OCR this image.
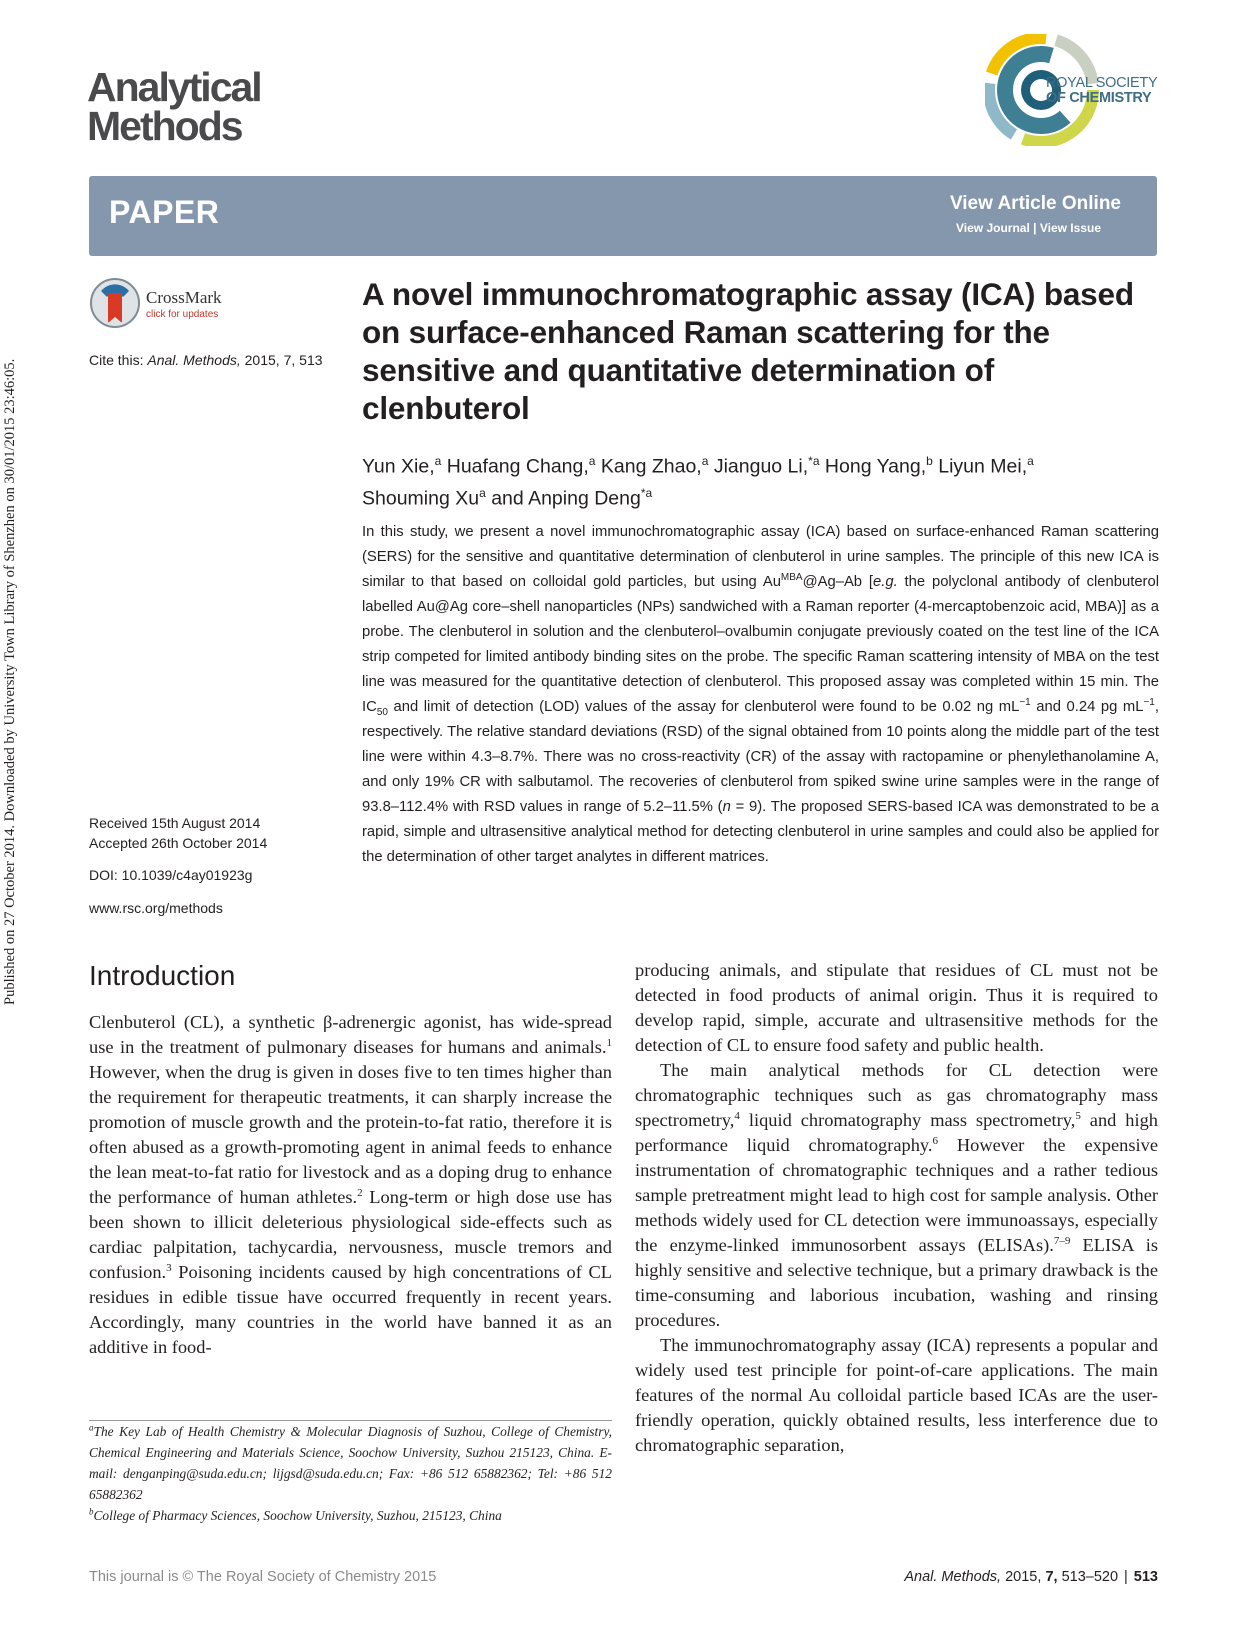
Published on 27 October 2014. Downloaded by University Town Library of Shenzhen on 30/01/2015 23:46:05.
Analytical
Methods
ROYAL SOCIETY
OF CHEMISTRY
PAPER	View Article Online
View Journal | View Issue
CrossMark
click for updates
Cite this: Anal. Methods, 2015, 7, 513
A novel immunochromatographic assay (ICA) based on surface-enhanced Raman scattering for the sensitive and quantitative determination of clenbuterol
Yun Xie,$^a$ Huafang Chang,$^a$ Kang Zhao,$^a$ Jianguo Li,$^{*a}$ Hong Yang,$^b$ Liyun Mei,$^a$
Shouming Xu$^a$ and Anping Deng$^{*a}$
In this study, we present a novel immunochromatographic assay (ICA) based on surface-enhanced Raman scattering (SERS) for the sensitive and quantitative determination of clenbuterol in urine samples. The principle of this new ICA is similar to that based on colloidal gold particles, but using $Au^{MBA}@Ag-Ab$ [e.g. the polyclonal antibody of clenbuterol labelled Au@Ag core–shell nanoparticles (NPs) sandwiched with a Raman reporter (4-mercaptobenzoic acid, MBA)] as a probe. The clenbuterol in solution and the clenbuterol–ovalbumin conjugate previously coated on the test line of the ICA strip competed for limited antibody binding sites on the probe. The specific Raman scattering intensity of MBA on the test line was measured for the quantitative detection of clenbuterol. This proposed assay was completed within 15 min. The $IC_{50}$ and limit of detection (LOD) values of the assay for clenbuterol were found to be 0.02 ng $mL^{-1}$ and 0.24 pg $mL^{-1}$, respectively. The relative standard deviations (RSD) of the signal obtained from 10 points along the middle part of the test line were within 4.3–8.7%. There was no cross-reactivity (CR) of the assay with ractopamine or phenylethanolamine A, and only 19% CR with salbutamol. The recoveries of clenbuterol from spiked swine urine samples were in the range of 93.8–112.4% with RSD values in range of 5.2–11.5% (n = 9). The proposed SERS-based ICA was demonstrated to be a rapid, simple and ultrasensitive analytical method for detecting clenbuterol in urine samples and could also be applied for the determination of other target analytes in different matrices.
Received 15th August 2014
Accepted 26th October 2014
DOI: 10.1039/c4ay01923g
www.rsc.org/methods
Introduction

Clenbuterol (CL), a synthetic β-adrenergic agonist, has wide-spread use in the treatment of pulmonary diseases for humans and animals.$^1$ However, when the drug is given in doses five to ten times higher than the requirement for therapeutic treatments, it can sharply increase the promotion of muscle growth and the protein-to-fat ratio, therefore it is often abused as a growth-promoting agent in animal feeds to enhance the lean meat-to-fat ratio for livestock and as a doping drug to enhance the performance of human athletes.$^2$ Long-term or high dose use has been shown to illicit deleterious physiological side-effects such as cardiac palpitation, tachycardia, nervousness, muscle tremors and confusion.$^3$ Poisoning incidents caused by high concentrations of CL residues in edible tissue have occurred frequently in recent years. Accordingly, many countries in the world have banned it as an additive in food-

producing animals, and stipulate that residues of CL must not be detected in food products of animal origin. Thus it is required to develop rapid, simple, accurate and ultrasensitive methods for the detection of CL to ensure food safety and public health.

The main analytical methods for CL detection were chromatographic techniques such as gas chromatography mass spectrometry,$^4$ liquid chromatography mass spectrometry,$^5$ and high performance liquid chromatography.$^6$ However the expensive instrumentation of chromatographic techniques and a rather tedious sample pretreatment might lead to high cost for sample analysis. Other methods widely used for CL detection were immunoassays, especially the enzyme-linked immunosorbent assays (ELISAs).$^{7-9}$ ELISA is highly sensitive and selective technique, but a primary drawback is the time-consuming and laborious incubation, washing and rinsing procedures.

The immunochromatography assay (ICA) represents a popular and widely used test principle for point-of-care applications. The main features of the normal Au colloidal particle based ICAs are the user-friendly operation, quickly obtained results, less interference due to chromatographic separation,

$^a$The Key Lab of Health Chemistry & Molecular Diagnosis of Suzhou, College of Chemistry, Chemical Engineering and Materials Science, Soochow University, Suzhou 215123, China. E-mail: denganping@suda.edu.cn; lijgsd@suda.edu.cn; Fax: +86 512 65882362; Tel: +86 512 65882362

$^b$College of Pharmacy Sciences, Soochow University, Suzhou, 215123, China

This journal is © The Royal Society of Chemistry 2015	Anal. Methods, 2015, 7, 513–520 | 513
